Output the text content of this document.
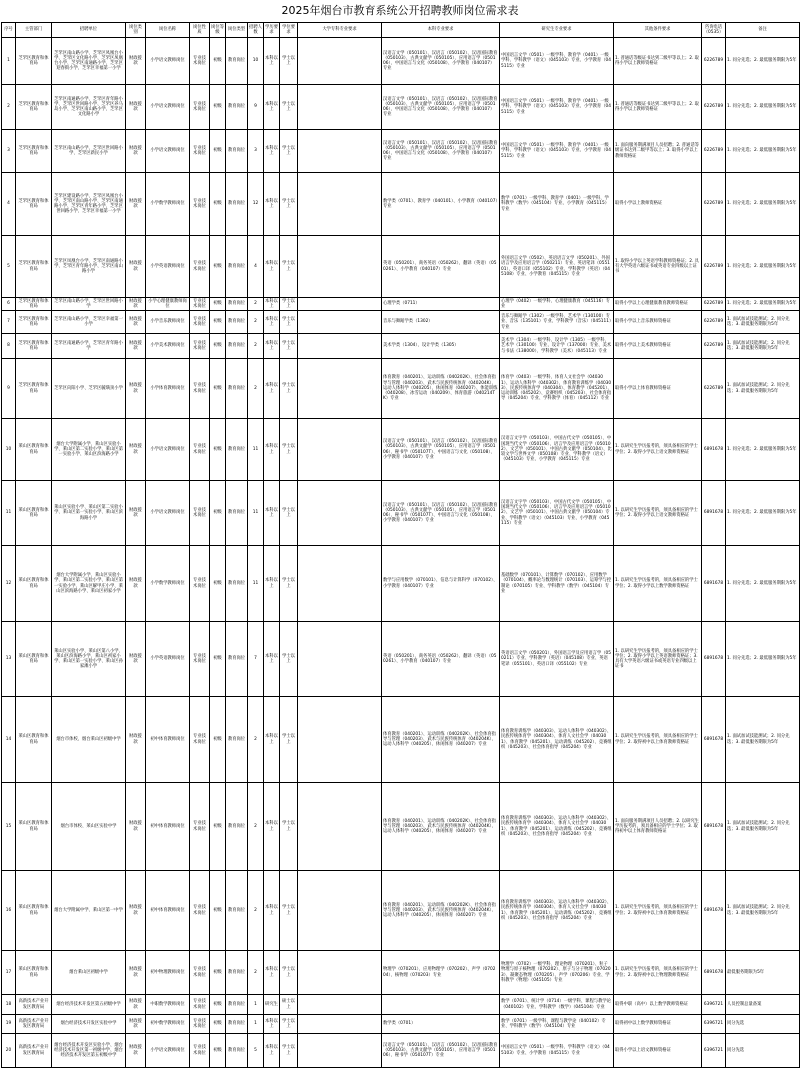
2025年烟台市教育系统公开招聘教师岗位需求表
序号	主管部门	招聘单位	岗位类别	岗位名称	岗位性质	岗位等级	岗位类型	招聘人数	学历要求	学位要求	大学专科专业要求	本科专业要求	研究生专业要求	其他条件要求	咨询电话（0535）	备注
1	芝罘区教育和体育局	芝罘区南山路小学、芝罘区凤凰台小学、芝罘区文化路小学、芝罘区凤凰台小学、芝罘区南通路小学、芝罘区迎春街小学、芝罘区幸福第一小学	财政拨款	小学语文教师岗位	专业技术岗位	初级	教育岗位	10	本科以上	学士以上		汉语言文学（050101）、汉语言（050102）、汉语国际教育（050103）、古典文献学（050105）、应用语言学（050106）、中国语言与文化（050108）、小学教育（040107）专业	中国语言文学（0501）一级学科、教育学（0401）一级学科、学科教学（语文）（045103）专业、小学教育（045115）专业	1. 普通话等级证书达到二级甲等以上；2. 取得小学以上教师资格证	6226789	1. 同分先选；2. 最低服务期限为5年
2	芝罘区教育和体育局	芝罘区南通路小学、芝罘区青年路小学、芝罘区世回路小学、芝罘区养马岛小学、芝罘区南山路小学、芝罘区文化路小学	财政拨款	小学语文教师岗位	专业技术岗位	初级	教育岗位	9	本科以上	学士以上		汉语言文学（050101）、汉语言（050102）、汉语国际教育（050103）、古典文献学（050105）、应用语言学（050106）、中国语言与文化（050108）、小学教育（040107）专业	中国语言文学（0501）一级学科、教育学（0401）一级学科、学科教学（语文）（045103）专业、小学教育（045115）专业	1. 普通话等级证书达到二级甲等以上；2. 取得小学以上教师资格证	6226789	1. 同分先选；2. 最低服务期限为5年
3	芝罘区教育和体育局	芝罘区南山路小学、芝罘区世回路小学、芝罘区新民小学	财政拨款	小学语文教师岗位	专业技术岗位	初级	教育岗位	3	本科以上	学士以上		汉语言文学（050101）、汉语言（050102）、汉语国际教育（050103）、古典文献学（050105）、应用语言学（050106）、中国语言与文化（050108）、小学教育（040107）专业	中国语言文学（0501）一级学科、教育学（0401）一级学科、学科教学（语文）（045103）专业、小学教育（045115）专业	1. 面向服务期满项目人员招聘；2. 普通话等级证书达到二级甲等以上；3. 取得小学以上教师资格证	6226789	1. 同分先选；2. 最低服务期限为5年
4	芝罘区教育和体育局	芝罘区建设路小学、芝罘区凤凰台小学、芝罘区南山路小学、芝罘区南通路小学、芝罘区青年路小学、芝罘区世回路小学、芝罘区幸福第一小学	财政拨款	小学数学教师岗位	专业技术岗位	初级	教育岗位	12	本科以上	学士以上		数学类（0701）、教育学（040101）、小学教育（040107）专业	数学（0701）一级学科、教育学（0401）一级学科、学科教学（数学）（045104）专业、小学教育（045115）专业	取得小学以上教师资格证	6226789	1. 同分先选；2. 最低服务期限为5年
5	芝罘区教育和体育局	芝罘区凤凰台小学、芝罘区南通路小学、芝罘区青年路小学、芝罘区南山路小学	财政拨款	小学英语教师岗位	专业技术岗位	初级	教育岗位	4	本科以上	学士以上		英语（050201）、商务英语（050262）、翻译（英语）（050261）、小学教育（040107）专业	外国语言文学（0502）、英语语言文学（050201）、外国语言学及应用语言学（050211）专业、英语笔译（055101）、英语口译（055102）专业、学科教学（英语）（045108）专业、小学教育（045115）专业	1. 取得小学以上英语学科教师资格证；2. 具有大学英语六级证书或英语专业四级以上证书	6226789	1. 同分先选；2. 最低服务期限为5年
6	芝罘区教育和体育局	芝罘区南山路小学、芝罘区世回路小学	财政拨款	小学心理健康教师岗位	专业技术岗位	初级	教育岗位	2	本科以上	学士以上		心理学类（0711）	心理学（0402）一级学科、心理健康教育（045116）专业	取得小学以上心理健康教育教师资格证	6226789	1. 同分先选；2. 最低服务期限为5年
7	芝罘区教育和体育局	芝罘区南山路小学、芝罘区幸福第一小学	财政拨款	小学音乐教师岗位	专业技术岗位	初级	教育岗位	2	本科以上	学士以上		音乐与舞蹈学类（1302）	音乐与舞蹈学（1302）一级学科、艺术学（130100）专业、音乐（135101）专业、学科教学（音乐）（045111）专业	取得小学以上音乐教师资格证	6226789	1. 面试加试技能测试；2. 同分先选；3. 最低服务期限为5年
8	芝罘区教育和体育局	芝罘区南通路小学、芝罘区青年路小学	财政拨款	小学美术教师岗位	专业技术岗位	初级	教育岗位	2	本科以上	学士以上		美术学类（1304）、设计学类（1305）	美术学（1304）一级学科、设计学（1305）一级学科、艺术学（130100）专业、设计学（137000）专业、美术与书法（138000）、学科教学（美术）（045113）专业	取得小学以上美术教师资格证	6226789	1. 面试加试技能测试；2. 同分先选；3. 最低服务期限为5年
9	芝罘区教育和体育局	芝罘区向阳小学、芝罘区毓璜顶小学	财政拨款	小学体育教师岗位	专业技术岗位	初级	教育岗位	2	本科以上	学士以上		体育教育（040201）、运动训练（040202K）、社会体育指导与管理（040203）、武术与民族传统体育（040204K）、运动人体科学（040205）、休闲体育（040207）、体能训练（040208）、冰雪运动（040209）、体育旅游（040214TK）专业	体育学（0403）一级学科、体育人文社会学（040301）、运动人体科学（040302）、体育教育训练学（040303）、民族传统体育学（040304）、体育教学（045201）、运动训练（045202）、竞赛组织（045203）、社会体育指导（045204）专业、学科教学（体育）（045112）专业	取得小学以上体育教师资格证	6226789	1. 面试加试技能测试；2. 同分先选；3. 最低服务期限为5年
10	莱山区教育和体育局	烟台大学附属小学、莱山区实验小学、莱山区第二实验小学、莱山区第一实验小学、莱山区滨海路小学	财政拨款	小学语文教师岗位	专业技术岗位	初级	教育岗位	11	本科以上	学士以上		汉语言文学（050101）、汉语言（050102）、汉语国际教育（050103）、古典文献学（050105）、应用语言学（050106）、秘书学（050107T）、中国语言与文化（050108）、小学教育（040107）专业	汉语言文字学（050103）、中国古代文学（050105）、中国现当代文学（050106）、语言学及应用语言学（050102）、文艺学（050101）、中国古典文献学（050104）、比较文学与世界文学（050108）专业、学科教学（语文）（045103）专业、小学教育（045115）专业	1. 以研究生学历报考的，须具备相应的学士学位；2. 取得小学以上语文教师资格证	6891678	1. 同分先选；2. 最低服务期限为5年
11	莱山区教育和体育局	莱山区实验小学、莱山区第二实验小学、莱山区第一实验小学、莱山区滨海路小学	财政拨款	小学语文教师岗位	专业技术岗位	初级	教育岗位	11	本科以上	学士以上		汉语言文学（050101）、汉语言（050102）、汉语国际教育（050103）、古典文献学（050105）、应用语言学（050106）、秘书学（050107T）、中国语言与文化（050108）、小学教育（040107）专业	汉语言文字学（050103）、中国古代文学（050105）、中国现当代文学（050106）、语言学及应用语言学（050102）、文艺学（050101）、中国古典文献学（050104）专业、学科教学（语文）（045103）专业、小学教育（045115）专业	1. 以研究生学历报考的，须具备相应的学士学位；2. 取得小学以上语文教师资格证	6891678	1. 同分先选；2. 最低服务期限为5年
12	莱山区教育和体育局	烟台大学附属小学、莱山区实验小学、莱山区第二实验小学、莱山区第一实验小学、莱山区解甲庄小学、莱山区滨海路小学、莱山区初家小学	财政拨款	小学数学教师岗位	专业技术岗位	初级	教育岗位	11	本科以上	学士以上		数学与应用数学（070101）、信息与计算科学（070102）、小学教育（040107）专业	基础数学（070101）、计算数学（070102）、应用数学（070104）、概率论与数理统计（070103）、运筹学与控制论（070105）专业、学科教学（数学）（045104）专业	1. 以研究生学历报考的，须具备相应的学士学位；2. 取得小学以上数学教师资格证	6891678	1. 同分先选；2. 最低服务期限为5年
13	莱山区教育和体育局	莱山区实验小学、莱山区第八小学、莱山区滨海路小学、莱山区初家小学、莱山区第一实验小学、莱山区孙家滩小学	财政拨款	小学英语教师岗位	专业技术岗位	初级	教育岗位	7	本科以上	学士以上		英语（050201）、商务英语（050262）、翻译（英语）（050261）、小学教育（040107）专业	英语语言文学（050201）、外国语言学及应用语言学（050211）专业、学科教学（英语）（045108）专业、英语笔译（055101）、英语口译（055102）专业	1. 以研究生学历报考的，须具备相应的学士学位；2. 取得小学以上英语教师资格证；3. 具有大学英语六级证书或英语专业四级以上证书	6891678	1. 同分先选；2. 最低服务期限为5年
14	莱山区教育和体育局	烟台市体校、烟台莱山区初级中学	财政拨款	初中体育教师岗位	专业技术岗位	初级	教育岗位	2	本科以上	学士以上		体育教育（040201）、运动训练（040202K）、社会体育指导与管理（040203）、武术与民族传统体育（040204K）、运动人体科学（040205）、休闲体育（040207）专业	体育教育训练学（040303）、运动人体科学（040302）、民族传统体育学（040304）、体育人文社会学（040301）、体育教学（045201）、运动训练（045202）、竞赛组织（045203）、社会体育指导（045204）专业	1. 以研究生学历报考的，须具备相应的学士学位；2. 取得初中以上体育教师资格证	6891678	1. 面试加试技能测试；2. 同分先选；3. 最低服务期限为5年
15	莱山区教育和体育局	烟台市体校、莱山区实验中学	财政拨款	初中体育教师岗位	专业技术岗位	初级	教育岗位	2	本科以上	学士以上		体育教育（040201）、运动训练（040202K）、社会体育指导与管理（040203）、武术与民族传统体育（040204K）、运动人体科学（040205）、休闲体育（040207）专业	体育教育训练学（040303）、运动人体科学（040302）、民族传统体育学（040304）、体育人文社会学（040301）、体育教学（045201）、运动训练（045202）、竞赛组织（045203）、社会体育指导（045204）专业	1. 面向服务期满项目人员招聘；2. 以研究生学历报考的，须具备相应的学士学位；3. 取得初中以上体育教师资格证	6891678	1. 面试加试技能测试；2. 同分先选；3. 最低服务期限为5年
16	莱山区教育和体育局	烟台大学附属中学、莱山区第一中学	财政拨款	初中体育教师岗位	专业技术岗位	初级	教育岗位	2	本科以上	学士以上		体育教育（040201）、运动训练（040202K）、社会体育指导与管理（040203）、武术与民族传统体育（040204K）、运动人体科学（040205）、休闲体育（040207）专业	体育教育训练学（040303）、运动人体科学（040302）、民族传统体育学（040304）、体育人文社会学（040301）、体育教学（045201）、运动训练（045202）、竞赛组织（045203）、社会体育指导（045204）专业	1. 以研究生学历报考的，须具备相应的学士学位；2. 取得初中以上体育教师资格证	6891678	1. 面试加试技能测试；2. 同分先选；3. 最低服务期限为5年
17	莱山区教育和体育局	烟台莱山区初级中学	财政拨款	初中物理教师岗位	专业技术岗位	初级	教育岗位	2	本科以上	学士以上		物理学（070201）、应用物理学（070202）、声学（070204）、核物理（070203）专业	物理学（0702）一级学科、理论物理（070201）、粒子物理与原子核物理（070202）、原子与分子物理（070203）、凝聚态物理（070205）、声学（070206）专业、学科教学（物理）（045105）专业	1. 以研究生学历报考的，须具备相应的学士学位；2. 取得初中以上物理教师资格证	6891678	最低服务期限为5年
18	高新技术产业开发区教育局	烟台经济技术开发区第五初级中学	财政拨款	中职数学教师岗位	专业技术岗位	初级	教育岗位	1	研究生	硕士以上			数学（0701）、统计学（0714）一级学科、课程与教学论（040102）专业、学科教学（数学）（045104）专业	取得中职（高中）以上数学教师资格证	6396721	人员控制总量备案
19	高新技术产业开发区教育局	烟台经济技术开发区实验中学	财政拨款	初中数学教师岗位	专业技术岗位	初级	教育岗位	1	本科以上	学士以上		数学类（0701）	数学（0701）一级学科、课程与教学论（040102）专业、学科教学（数学）（045104）专业	取得初中以上数学教师资格证	6396721	同分先选
20	高新技术产业开发区教育局	烟台经济技术开发区实验小学、烟台经济技术开发区第一初级中学、烟台经济技术开发区第五初级中学	财政拨款	小学语文教师岗位	专业技术岗位	初级	教育岗位	5	本科以上	学士以上		汉语言文学（050101）、汉语言（050102）、汉语国际教育（050103）、古典文献学（050105）、应用语言学（050106）、秘书学（050107T）专业	中国语言文学（0501）一级学科、学科教学（语文）（045103）专业、小学教育（045115）专业	取得小学以上语文教师资格证	6396721	同分先选
